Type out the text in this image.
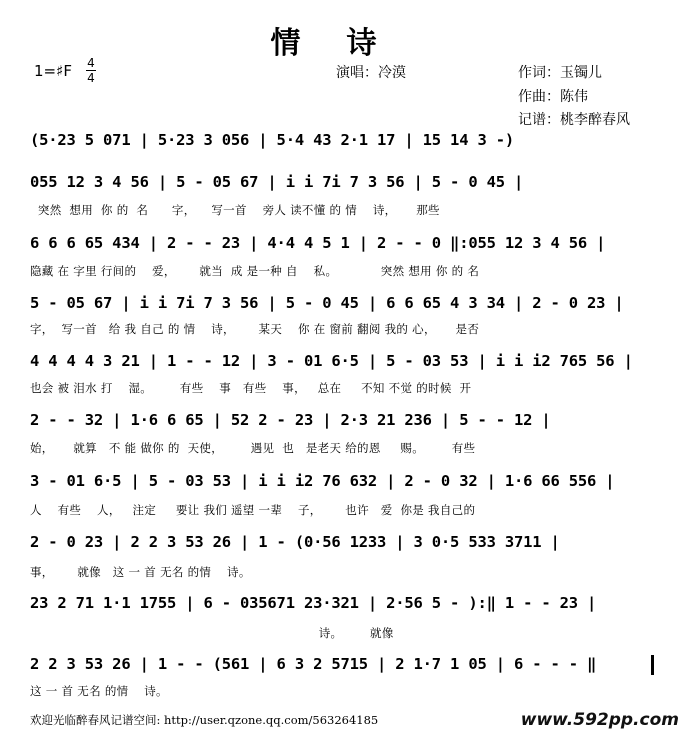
情诗
1=♯F 4
4	演唱：冷漠	作词：玉镯儿
作曲：陈伟
记谱：桃李醉春风
(5·23 5 071 | 5·23 3 056 | 5·4 43 2·1 17 | 15 14 3 -)
055 12 3 4 56 | 5 - 05 67 | i i 7i 7 3 56 | 5 - 0 45 |
突然  想用  你 的  名      字，    写一首    旁人 读不懂 的 情    诗，     那些
6 6 6 65 434 | 2 - - 23 | 4·4 4 5 1 | 2 - - 0 ‖:055 12 3 4 56 |
隐藏 在 字里 行间的    爱，      就当  成 是一种 自    私。           突然 想用 你 的 名
5 - 05 67 | i i 7i 7 3 56 | 5 - 0 45 | 6 6 65 4 3 34 | 2 - 0 23 |
字，  写一首   给 我 自己 的 情    诗，      某天    你 在 窗前 翻阅 我的 心，     是否
4 4 4 4 3 21 | 1 - - 12 | 3 - 01 6·5 | 5 - 03 53 | i i i2 765 56 |
也会 被 泪水 打    湿。       有些    事   有些    事，   总在     不知 不觉 的时候  开
2 - - 32 | 1·6 6 65 | 52 2 - 23 | 2·3 21 236 | 5 - - 12 |
始，     就算   不 能 做你 的  天使，       遇见  也   是老天 给的恩     赐。       有些
3 - 01 6·5 | 5 - 03 53 | i i i2 76 632 | 2 - 0 32 | 1·6 66 556 |
人    有些    人，   注定     要让 我们 遥望 一辈    子，      也许   爱  你是 我自己的
2 - 0 23 | 2 2 3 53 26 | 1 - (0·56 1233 | 3 0·5 533 3711 |
事，      就像   这 一 首 无名 的情    诗。
23 2 71 1·1 1755 | 6 - 035671 23·321 | 2·56 5 - ):‖ 1 - - 23 |
诗。       就像
2 2 3 53 26 | 1 - - (561 | 6 3 2 5715 | 2 1·7 1 05 | 6 - - - ‖
这 一 首 无名 的情    诗。
欢迎光临醉春风记谱空间: http://user.qzone.qq.com/563264185	www.592pp.com
